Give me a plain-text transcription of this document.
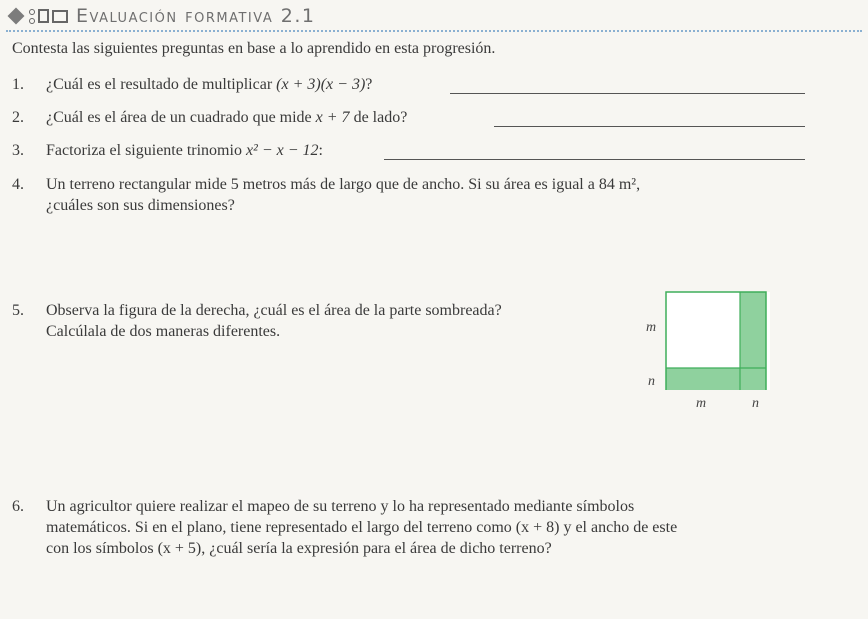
Evaluación formativa 2.1
Contesta las siguientes preguntas en base a lo aprendido en esta progresión.
1. ¿Cuál es el resultado de multiplicar (x + 3)(x − 3)?
2. ¿Cuál es el área de un cuadrado que mide x + 7 de lado?
3. Factoriza el siguiente trinomio x² − x − 12:
4.	Un terreno rectangular mide 5 metros más de largo que de ancho. Si su área es igual a 84 m²,
¿cuáles son sus dimensiones?
5.	Observa la figura de la derecha, ¿cuál es el área de la parte sombreada?
Calcúlala de dos maneras diferentes.	m
n
m	n
6.	Un agricultor quiere realizar el mapeo de su terreno y lo ha representado mediante símbolos
matemáticos. Si en el plano, tiene representado el largo del terreno como (x + 8) y el ancho de este
con los símbolos (x + 5), ¿cuál sería la expresión para el área de dicho terreno?
